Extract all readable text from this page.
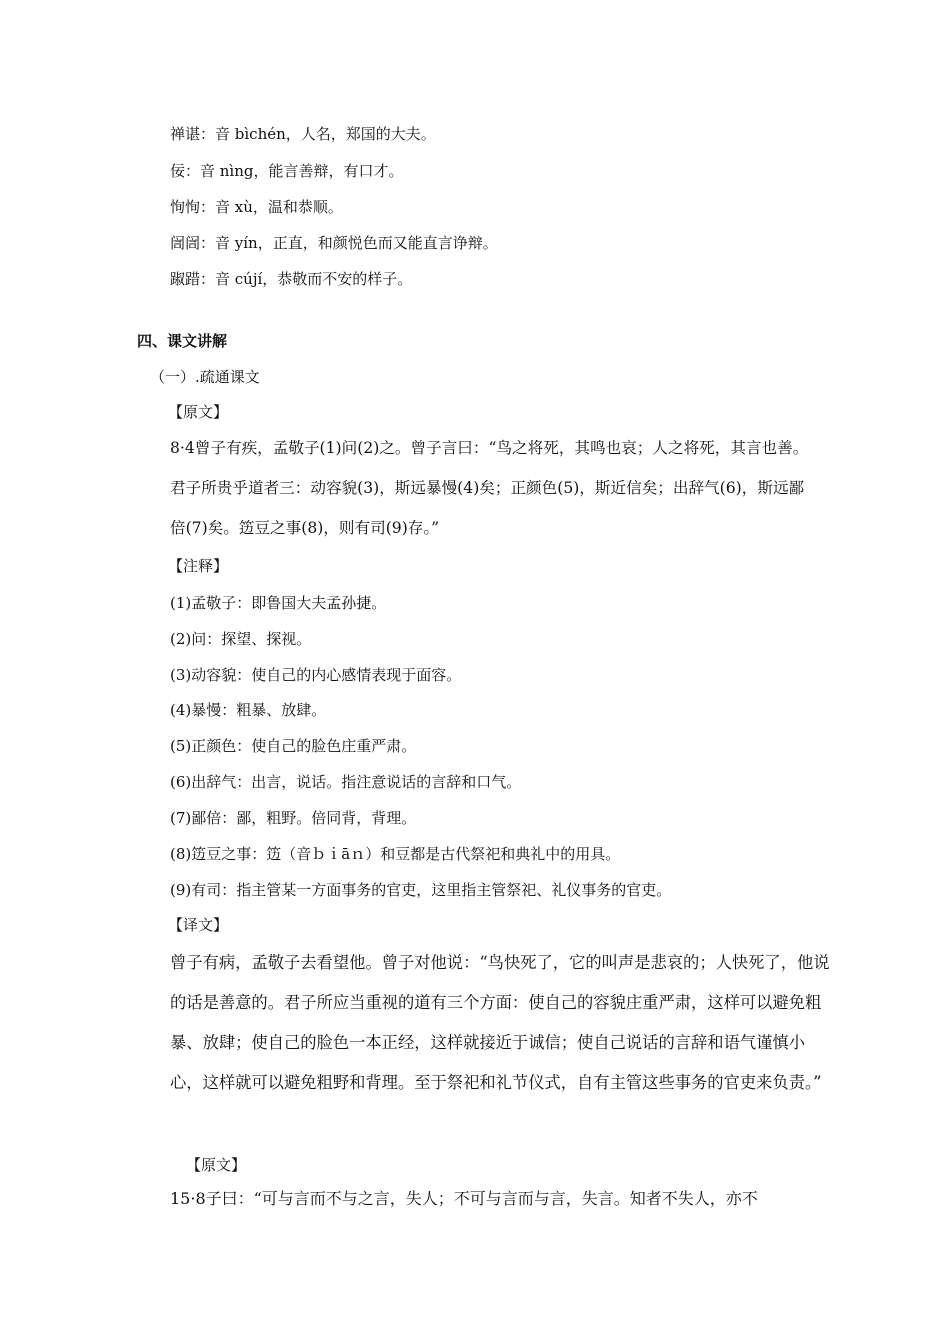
禅谌：音 bìchén，人名，郑国的大夫。
佞：音 nìng，能言善辩，有口才。
恂恂：音 xù，温和恭顺。
訚訚：音 yín，正直，和颜悦色而又能直言诤辩。
踧踖：音 cújí，恭敬而不安的样子。
四、课文讲解
（一）.疏通课文
【原文】
8·4曾子有疾，孟敬子(1)问(2)之。曾子言曰：“鸟之将死，其鸣也哀；人之将死，其言也善。君子所贵乎道者三：动容貌(3)，斯远暴慢(4)矣；正颜色(5)，斯近信矣；出辞气(6)，斯远鄙倍(7)矣。笾豆之事(8)，则有司(9)存。”
【注释】
(1)孟敬子：即鲁国大夫孟孙捷。
(2)问：探望、探视。
(3)动容貌：使自己的内心感情表现于面容。
(4)暴慢：粗暴、放肆。
(5)正颜色：使自己的脸色庄重严肃。
(6)出辞气：出言，说话。指注意说话的言辞和口气。
(7)鄙倍：鄙，粗野。倍同背，背理。
(8)笾豆之事：笾（音ｂｉāｎ）和豆都是古代祭祀和典礼中的用具。
(9)有司：指主管某一方面事务的官吏，这里指主管祭祀、礼仪事务的官吏。
【译文】
曾子有病，孟敬子去看望他。曾子对他说：“鸟快死了，它的叫声是悲哀的；人快死了，他说的话是善意的。君子所应当重视的道有三个方面：使自己的容貌庄重严肃，这样可以避免粗暴、放肆；使自己的脸色一本正经，这样就接近于诚信；使自己说话的言辞和语气谨慎小心，这样就可以避免粗野和背理。至于祭祀和礼节仪式，自有主管这些事务的官吏来负责。”
【原文】
15·8子曰：“可与言而不与之言，失人；不可与言而与言，失言。知者不失人，亦不
